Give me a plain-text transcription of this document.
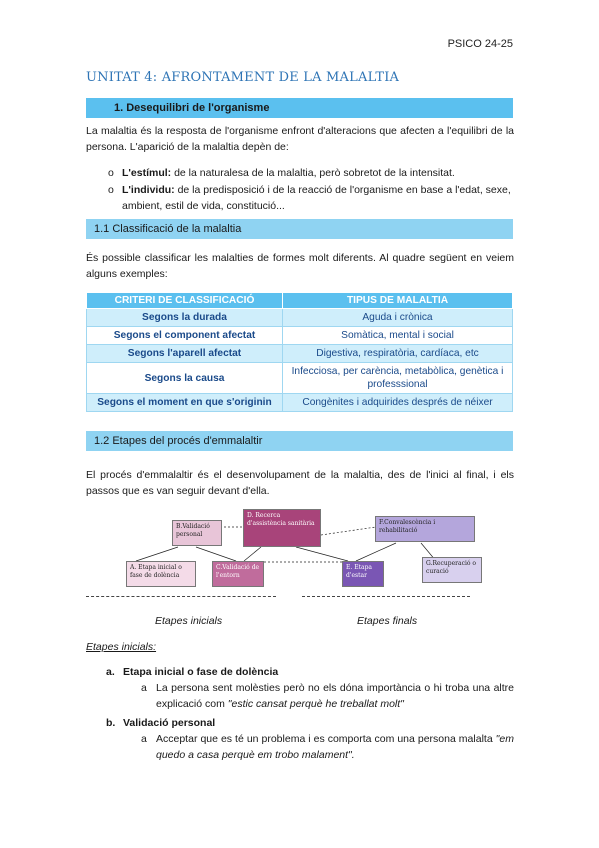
PSICO 24-25
UNITAT 4: AFRONTAMENT DE LA MALALTIA
1. Desequilibri de l'organisme
La malaltia és la resposta de l'organisme enfront d'alteracions que afecten a l'equilibri de la persona. L'aparició de la malaltia depèn de:
o L'estímul: de la naturalesa de la malaltia, però sobretot de la intensitat.
o L'individu: de la predisposició i de la reacció de l'organisme en base a l'edat, sexe, ambient, estil de vida, constitució...
1.1 Classificació de la malaltia
És possible classificar les malalties de formes molt diferents. Al quadre següent en veiem alguns exemples:
CRITERI DE CLASSIFICACIÓ	TIPUS DE MALALTIA
Segons la durada	Aguda i crònica
Segons el component afectat	Somàtica, mental i social
Segons l'aparell afectat	Digestiva, respiratòria, cardíaca, etc
Segons la causa	Infecciosa, per carència, metabòlica, genètica i professsional
Segons el moment en que s'originin	Congènites i adquirides després de néixer
1.2 Etapes del procés d'emmalaltir
El procés d'emmalaltir és el desenvolupament de la malaltia, des de l'inici al final, i els passos que es van seguir devant d'ella.
B.Validació personal
D. Recerca d'assistència sanitària	F.Convalescència i rehabilitació
A. Etapa inicial o fase de dolència
C.Validació de l'entorn
E. Etapa d'estar
G.Recuperació o curació
Etapes inicials	Etapes finals
Etapes inicials:
a. Etapa inicial o fase de dolència
a La persona sent molèsties però no els dóna importància o hi troba una altre explicació com "estic cansat perquè he treballat molt"
b. Validació personal
a Acceptar que es té un problema i es comporta com una persona malalta "em quedo a casa perquè em trobo malament".
